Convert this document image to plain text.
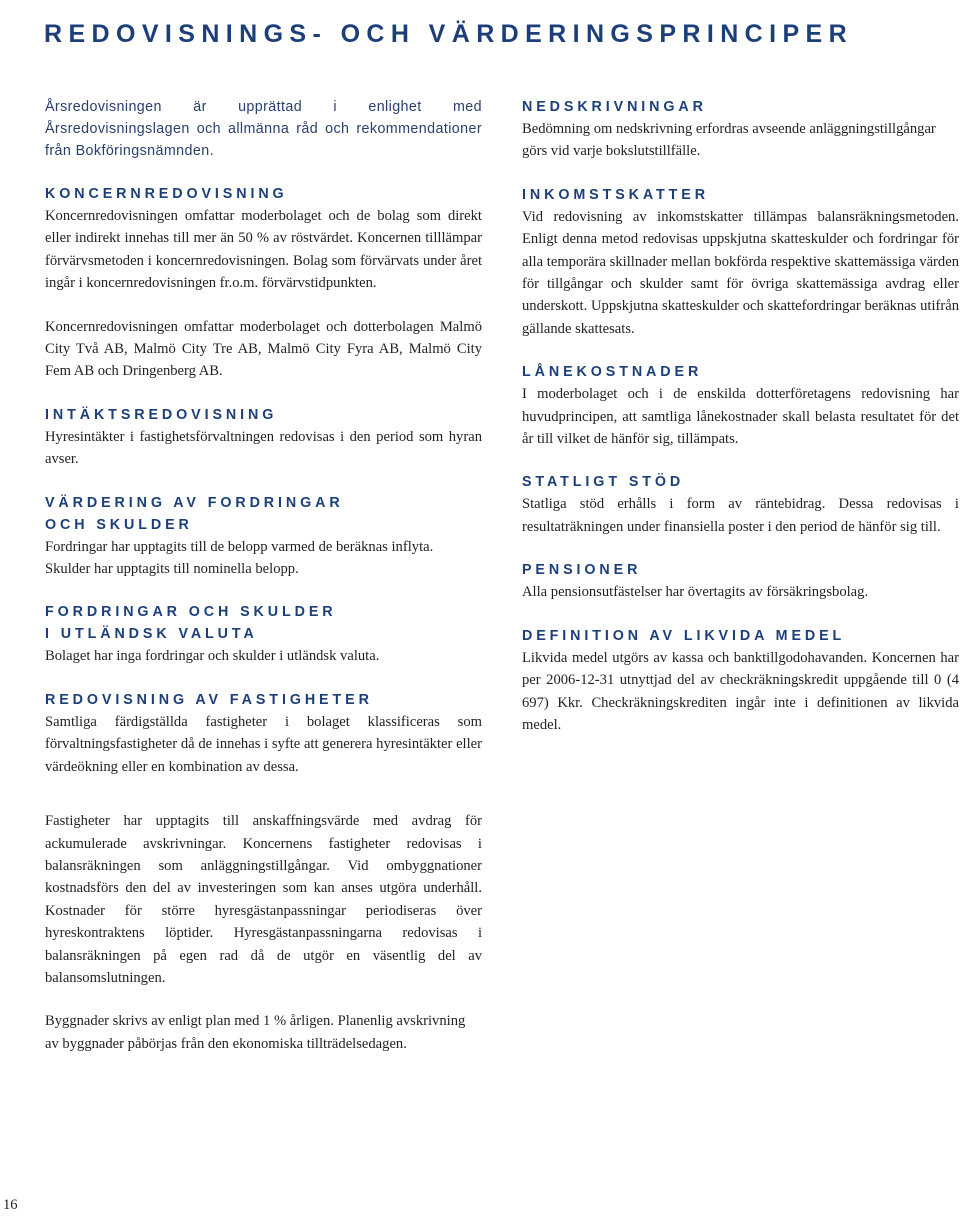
REDOVISNINGS- OCH VÄRDERINGSPRINCIPER

Årsredovisningen är upprättad i enlighet med Årsredovisningslagen och allmänna råd och rekommendationer från Bokföringsnämnden.

KONCERNREDOVISNING

Koncernredovisningen omfattar moderbolaget och de bolag som direkt eller indirekt innehas till mer än 50 % av röstvärdet. Koncernen tilllämpar förvärvsmetoden i koncernredovisningen. Bolag som förvärvats under året ingår i koncernredovisningen fr.o.m. förvärvstidpunkten.

Koncernredovisningen omfattar moderbolaget och dotterbolagen Malmö City Två AB, Malmö City Tre AB, Malmö City Fyra AB, Malmö City Fem AB och Dringenberg AB.

INTÄKTSREDOVISNING

Hyresintäkter i fastighetsförvaltningen redovisas i den period som hyran avser.

VÄRDERING AV FORDRINGAR
OCH SKULDER

Fordringar har upptagits till de belopp varmed de beräknas inflyta. Skulder har upptagits till nominella belopp.

FORDRINGAR OCH SKULDER
I UTLÄNDSK VALUTA

Bolaget har inga fordringar och skulder i utländsk valuta.

REDOVISNING AV FASTIGHETER

Samtliga färdigställda fastigheter i bolaget klassificeras som förvaltningsfastigheter då de innehas i syfte att generera hyresintäkter eller värdeökning eller en kombination av dessa.

Fastigheter har upptagits till anskaffningsvärde med avdrag för ackumulerade avskrivningar. Koncernens fastigheter redovisas i balansräkningen som anläggningstillgångar. Vid ombyggnationer kostnadsförs den del av investeringen som kan anses utgöra underhåll. Kostnader för större hyresgästanpassningar periodiseras över hyreskontraktens löptider. Hyresgästanpassningarna redovisas i balansräkningen på egen rad då de utgör en väsentlig del av balansomslutningen.

Byggnader skrivs av enligt plan med 1 % årligen. Planenlig avskrivning av byggnader påbörjas från den ekonomiska tillträdelsedagen.

NEDSKRIVNINGAR

Bedömning om nedskrivning erfordras avseende anläggningstillgångar görs vid varje bokslutstillfälle.

INKOMSTSKATTER

Vid redovisning av inkomstskatter tillämpas balansräkningsmetoden. Enligt denna metod redovisas uppskjutna skatteskulder och fordringar för alla temporära skillnader mellan bokförda respektive skattemässiga värden för tillgångar och skulder samt för övriga skattemässiga avdrag eller underskott. Uppskjutna skatteskulder och skattefordringar beräknas utifrån gällande skattesats.

LÅNEKOSTNADER

I moderbolaget och i de enskilda dotterföretagens redovisning har huvudprincipen, att samtliga lånekostnader skall belasta resultatet för det år till vilket de hänför sig, tillämpats.

STATLIGT STÖD

Statliga stöd erhålls i form av räntebidrag. Dessa redovisas i resultaträkningen under finansiella poster i den period de hänför sig till.

PENSIONER

Alla pensionsutfästelser har övertagits av försäkringsbolag.

DEFINITION AV LIKVIDA MEDEL

Likvida medel utgörs av kassa och banktillgodohavanden. Koncernen har per 2006-12-31 utnyttjad del av checkräkningskredit uppgående till 0 (4 697) Kkr. Checkräkningskrediten ingår inte i definitionen av likvida medel.

16
